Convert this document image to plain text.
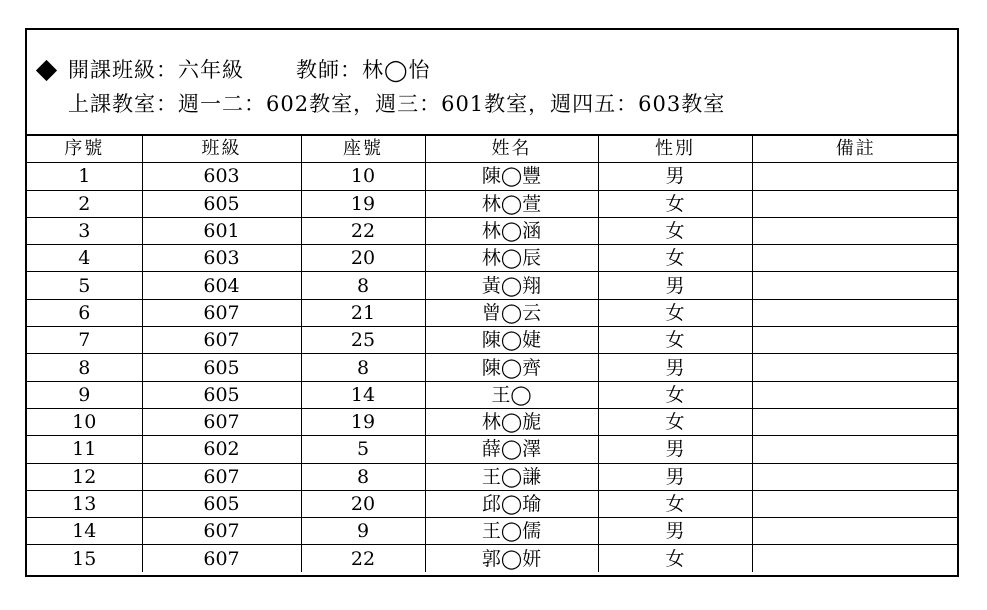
開課班級：六年級 教師：林◯怡
上課教室：週一二：602教室，週三：601教室，週四五：603教室
序號	班級	座號	姓名	性別	備註
1	603	10	陳◯豐	男	
2	605	19	林◯萱	女	
3	601	22	林◯涵	女	
4	603	20	林◯辰	女	
5	604	8	黃◯翔	男	
6	607	21	曾◯云	女	
7	607	25	陳◯婕	女	
8	605	8	陳◯齊	男	
9	605	14	王◯	女	
10	607	19	林◯旎	女	
11	602	5	薛◯澤	男	
12	607	8	王◯謙	男	
13	605	20	邱◯瑜	女	
14	607	9	王◯儒	男	
15	607	22	郭◯妍	女	
